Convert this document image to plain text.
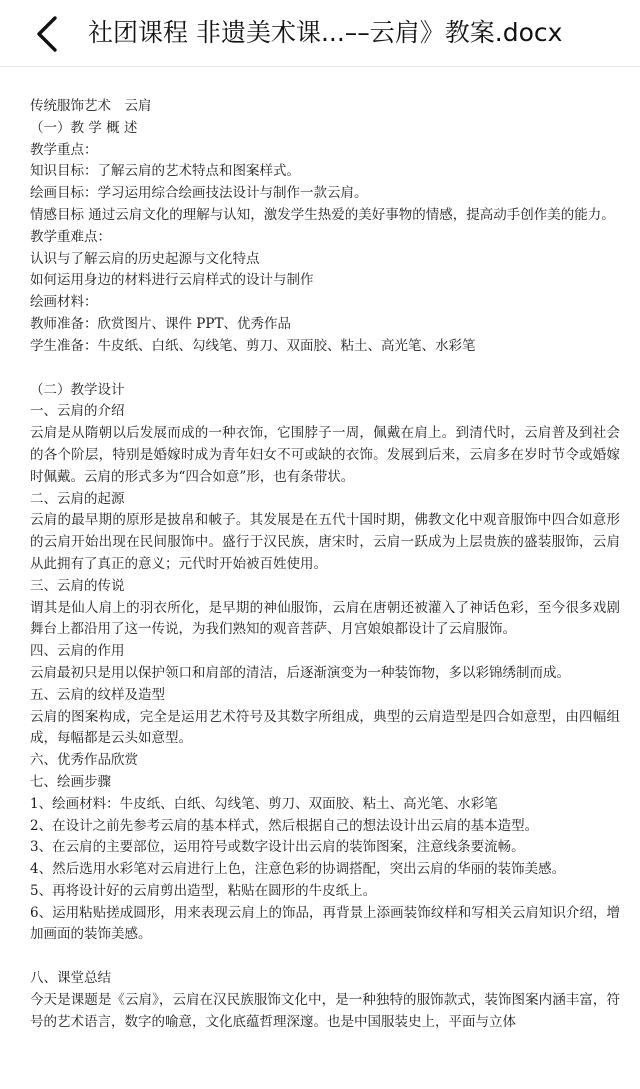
社团课程 非遗美术课...––云肩》教案.docx
传统服饰艺术　云肩
（一）教 学 概 述
教学重点：
知识目标：了解云肩的艺术特点和图案样式。
绘画目标：学习运用综合绘画技法设计与制作一款云肩。
情感目标 通过云肩文化的理解与认知，激发学生热爱的美好事物的情感，提高动手创作美的能力。
教学重难点：
认识与了解云肩的历史起源与文化特点
如何运用身边的材料进行云肩样式的设计与制作
绘画材料：
教师准备：欣赏图片、课件 PPT、优秀作品
学生准备：牛皮纸、白纸、勾线笔、剪刀、双面胶、粘土、高光笔、水彩笔
（二）教学设计
一、云肩的介绍
云肩是从隋朝以后发展而成的一种衣饰，它围脖子一周，佩戴在肩上。到清代时，云肩普及到社会的各个阶层，特别是婚嫁时成为青年妇女不可或缺的衣饰。发展到后来，云肩多在岁时节令或婚嫁时佩戴。云肩的形式多为“四合如意”形，也有条带状。
二、云肩的起源
云肩的最早期的原形是披帛和帔子。其发展是在五代十国时期，佛教文化中观音服饰中四合如意形的云肩开始出现在民间服饰中。盛行于汉民族，唐宋时，云肩一跃成为上层贵族的盛装服饰，云肩从此拥有了真正的意义；元代时开始被百姓使用。
三、云肩的传说
谓其是仙人肩上的羽衣所化，是早期的神仙服饰，云肩在唐朝还被灌入了神话色彩，至今很多戏剧舞台上都沿用了这一传说，为我们熟知的观音菩萨、月宫娘娘都设计了云肩服饰。
四、云肩的作用
云肩最初只是用以保护领口和肩部的清洁，后逐渐演变为一种装饰物，多以彩锦绣制而成。
五、云肩的纹样及造型
云肩的图案构成，完全是运用艺术符号及其数字所组成，典型的云肩造型是四合如意型，由四幅组成，每幅都是云头如意型。
六、优秀作品欣赏
七、绘画步骤
1、绘画材料：牛皮纸、白纸、勾线笔、剪刀、双面胶、粘土、高光笔、水彩笔
2、在设计之前先参考云肩的基本样式，然后根据自己的想法设计出云肩的基本造型。
3、在云肩的主要部位，运用符号或数字设计出云肩的装饰图案，注意线条要流畅。
4、然后选用水彩笔对云肩进行上色，注意色彩的协调搭配，突出云肩的华丽的装饰美感。
5、再将设计好的云肩剪出造型，粘贴在圆形的牛皮纸上。
6、运用粘贴搓成圆形，用来表现云肩上的饰品，再背景上添画装饰纹样和写相关云肩知识介绍，增加画面的装饰美感。
八、课堂总结
今天是课题是《云肩》，云肩在汉民族服饰文化中，是一种独特的服饰款式，装饰图案内涵丰富，符号的艺术语言，数字的喻意，文化底蕴哲理深邃。也是中国服装史上，平面与立体
